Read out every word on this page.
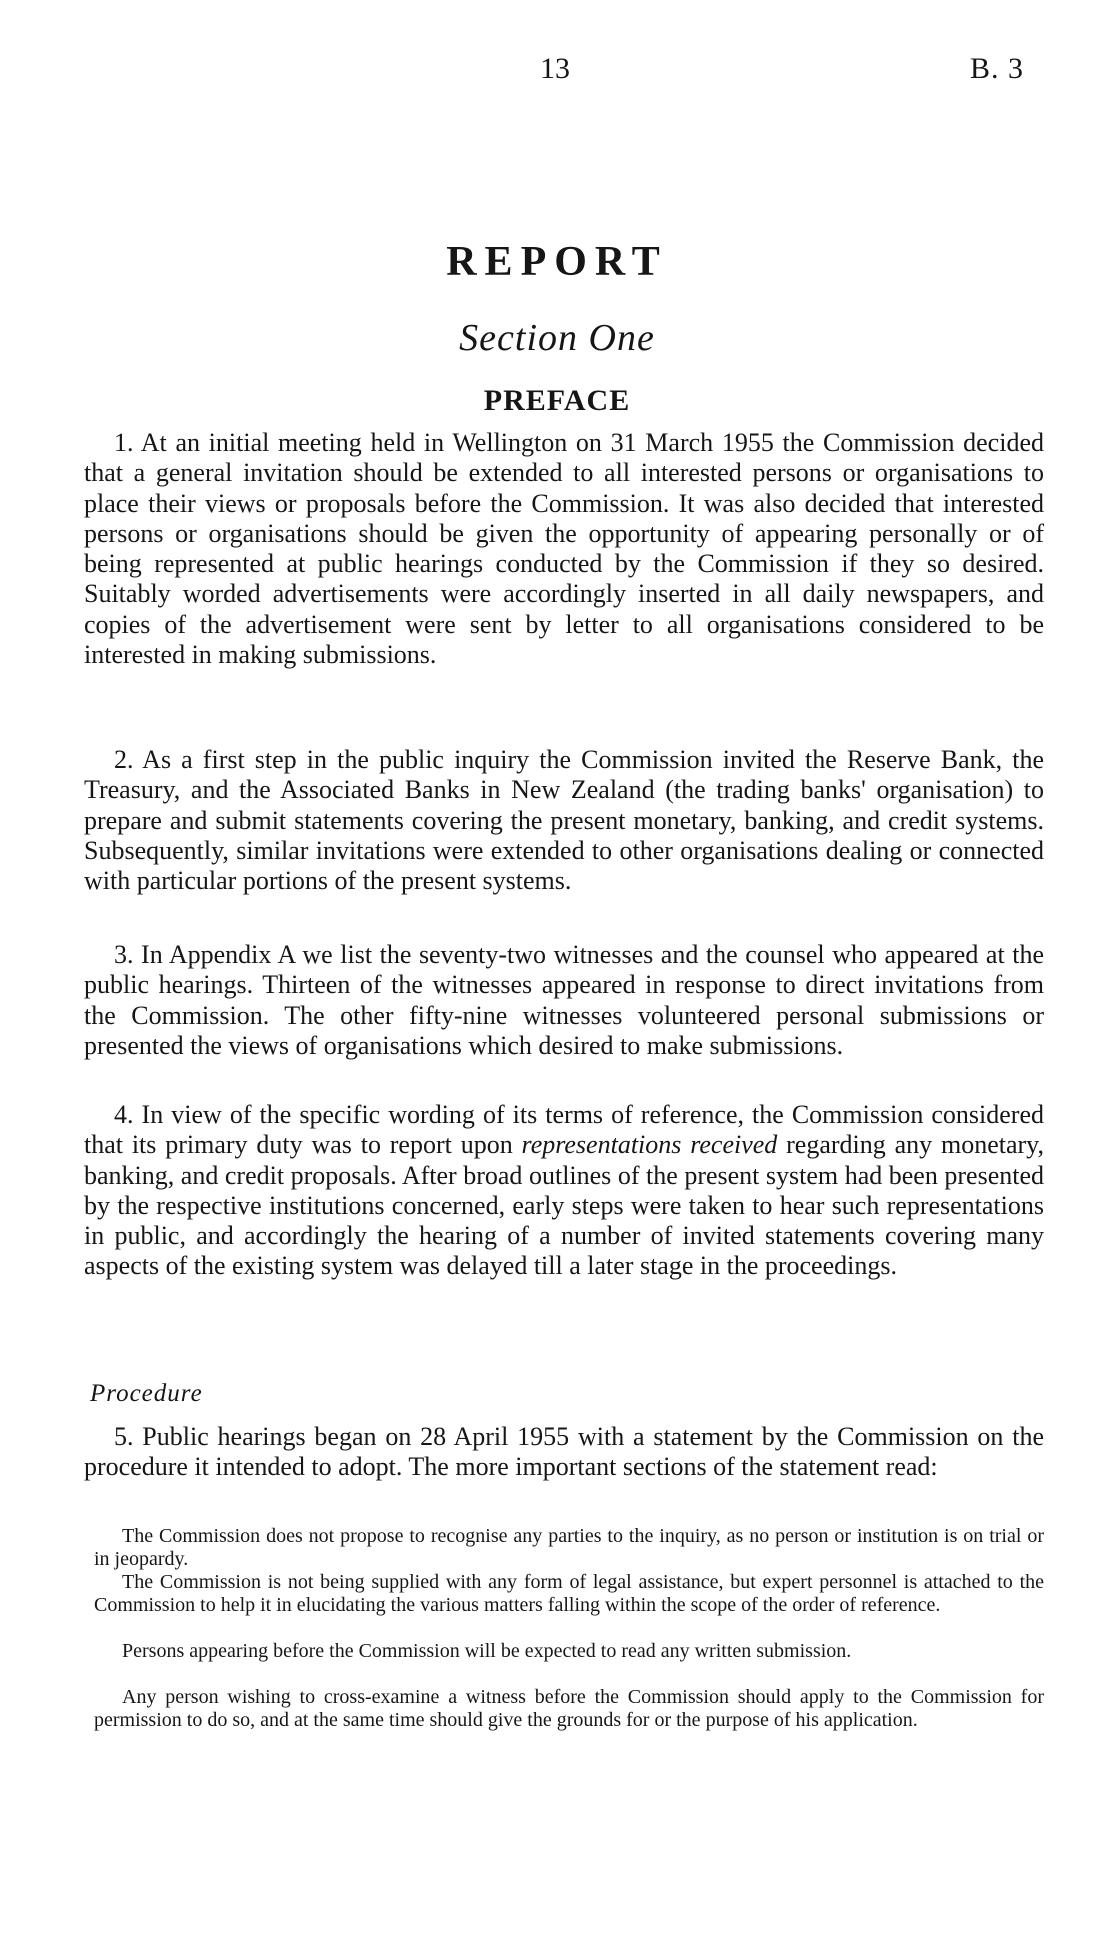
13	B. 3
REPORT
Section One
PREFACE

1. At an initial meeting held in Wellington on 31 March 1955 the Commission decided that a general invitation should be extended to all interested persons or organisations to place their views or proposals before the Commission. It was also decided that interested persons or organisations should be given the opportunity of appearing personally or of being represented at public hearings conducted by the Commission if they so desired. Suitably worded advertisements were accordingly inserted in all daily newspapers, and copies of the advertisement were sent by letter to all organisations considered to be interested in making submissions.

2. As a first step in the public inquiry the Commission invited the Reserve Bank, the Treasury, and the Associated Banks in New Zealand (the trading banks' organisation) to prepare and submit statements covering the present monetary, banking, and credit systems. Subsequently, similar invitations were extended to other organisations dealing or connected with particular portions of the present systems.

3. In Appendix A we list the seventy-two witnesses and the counsel who appeared at the public hearings. Thirteen of the witnesses appeared in response to direct invitations from the Commission. The other fifty-nine witnesses volunteered personal submissions or presented the views of organisations which desired to make submissions.

4. In view of the specific wording of its terms of reference, the Commission considered that its primary duty was to report upon representations received regarding any monetary, banking, and credit proposals. After broad outlines of the present system had been presented by the respective institutions concerned, early steps were taken to hear such representations in public, and accordingly the hearing of a number of invited statements covering many aspects of the existing system was delayed till a later stage in the proceedings.

Procedure

5. Public hearings began on 28 April 1955 with a statement by the Commission on the procedure it intended to adopt. The more important sections of the statement read:

The Commission does not propose to recognise any parties to the inquiry, as no person or institution is on trial or in jeopardy.

The Commission is not being supplied with any form of legal assistance, but expert personnel is attached to the Commission to help it in elucidating the various matters falling within the scope of the order of reference.

Persons appearing before the Commission will be expected to read any written submission.

Any person wishing to cross-examine a witness before the Commission should apply to the Commission for permission to do so, and at the same time should give the grounds for or the purpose of his application.
